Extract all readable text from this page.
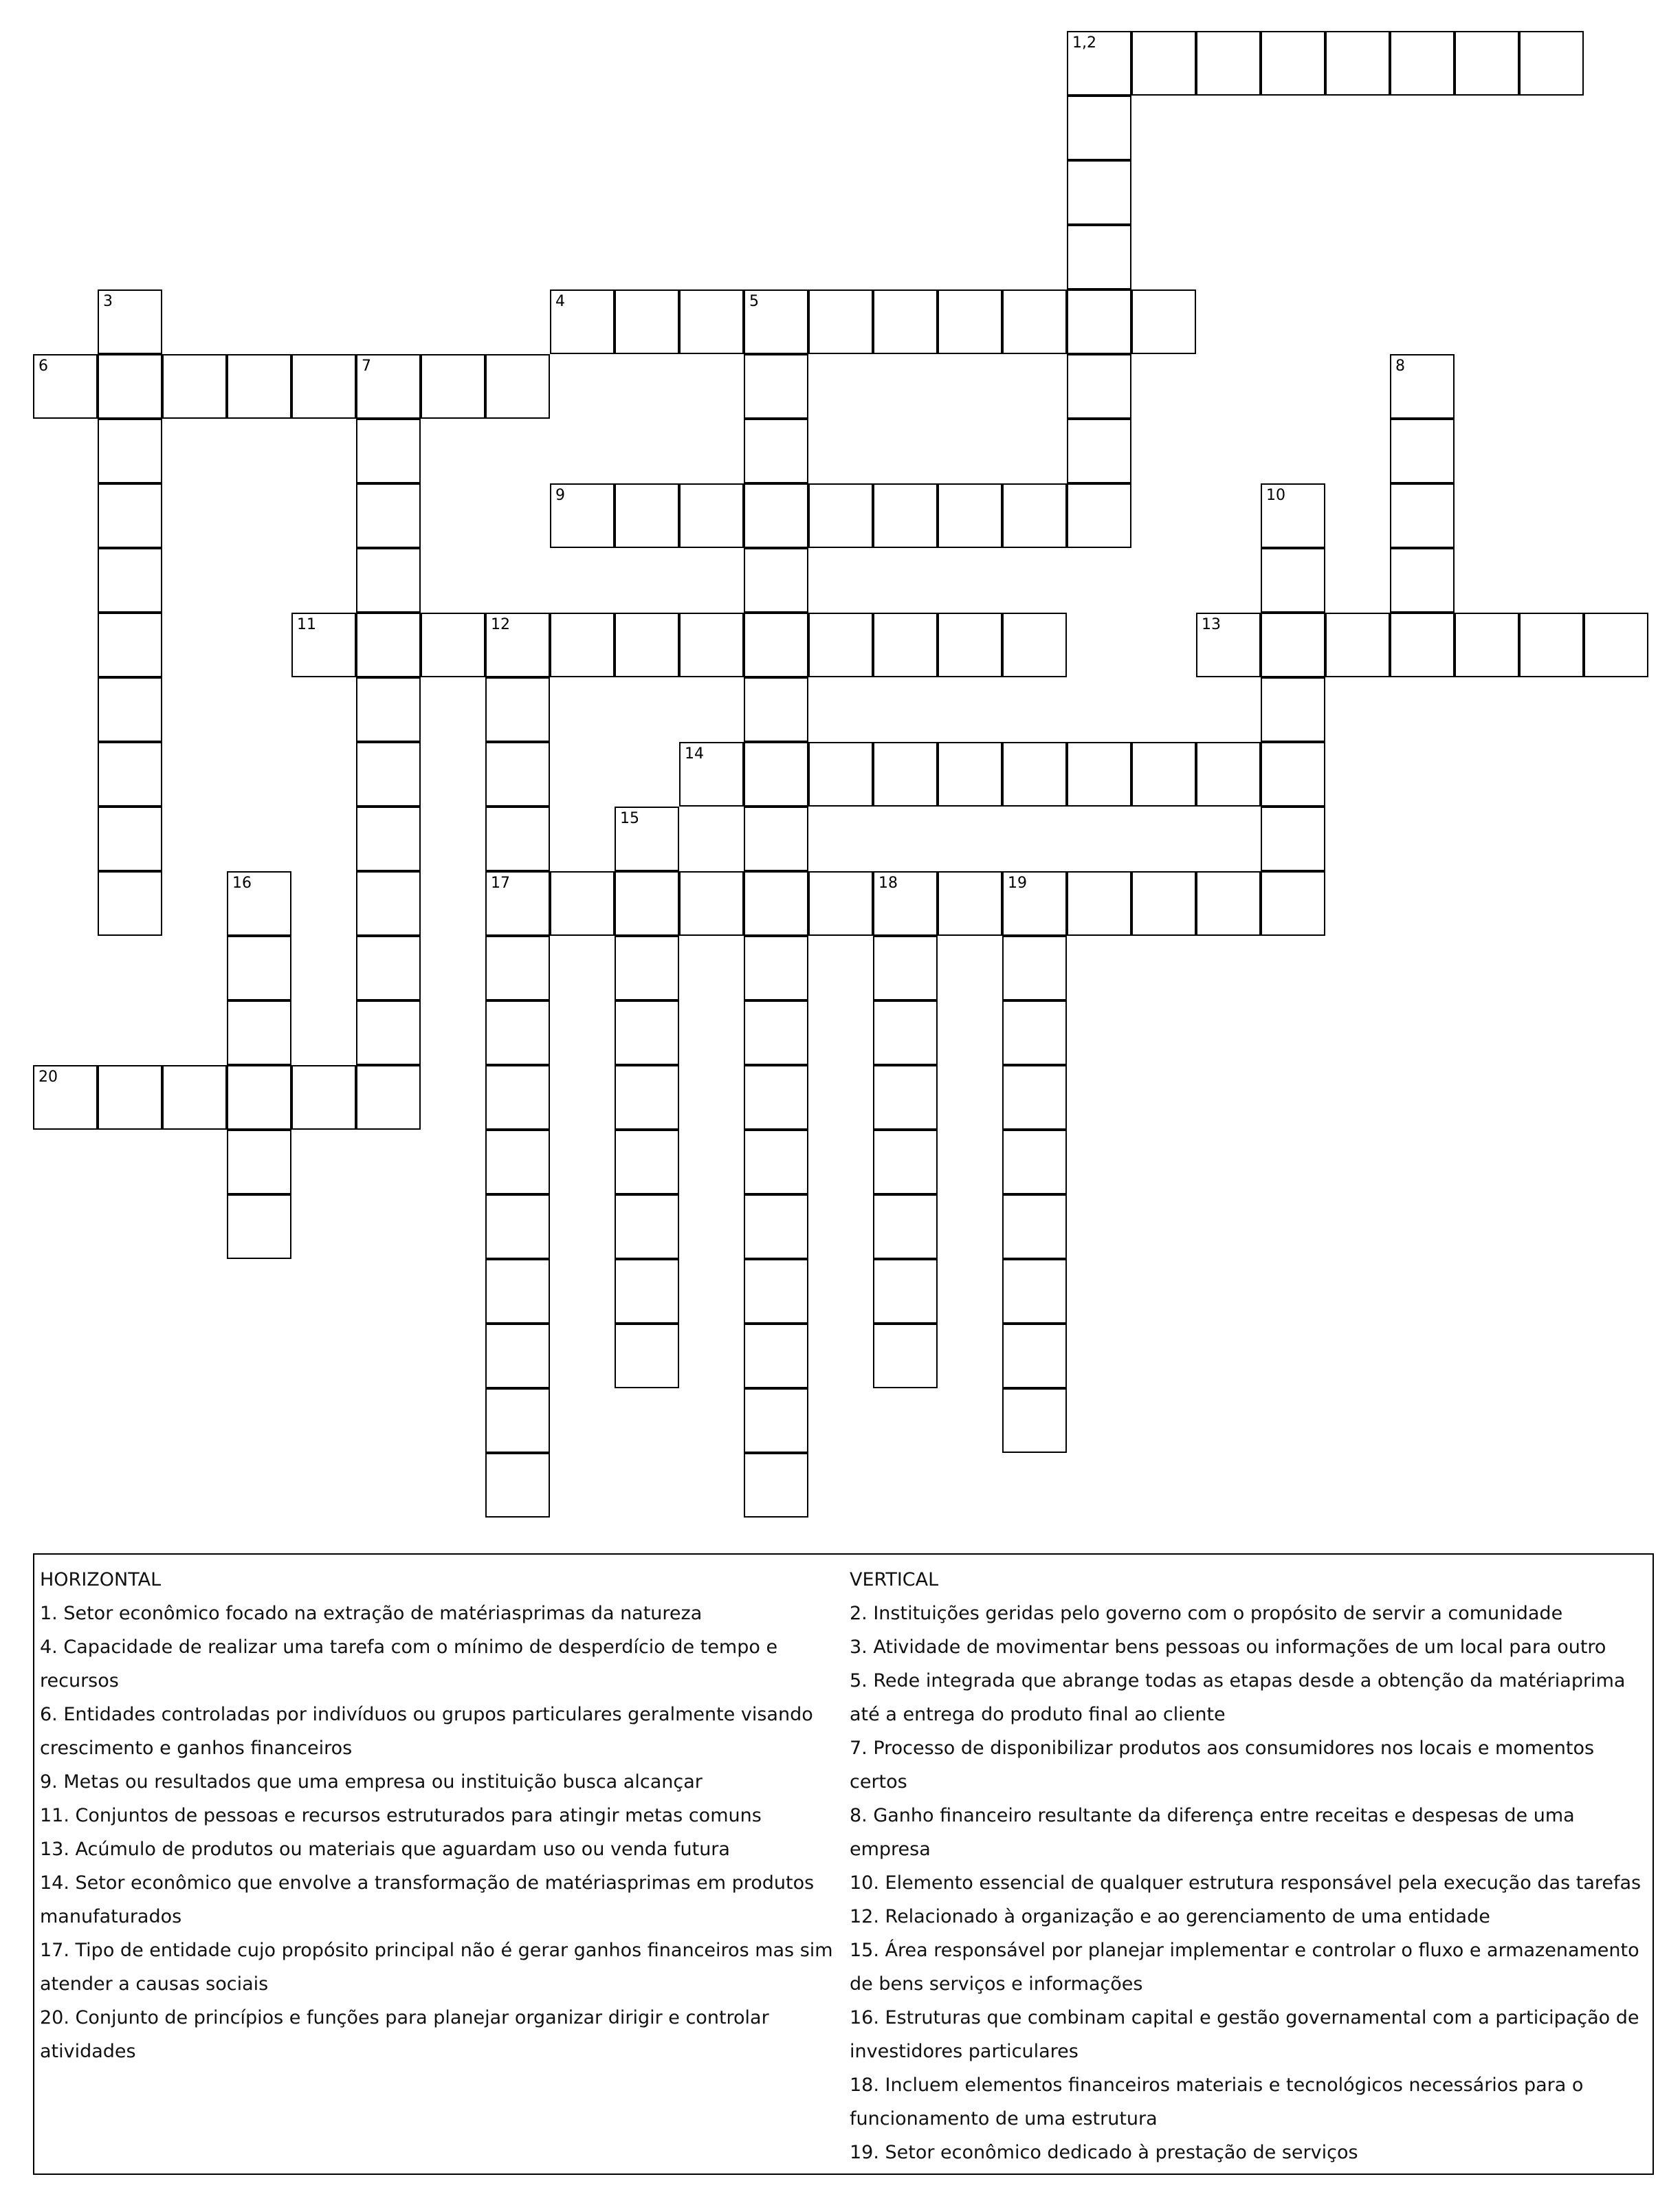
1,2
3	4	5
6	7	8
9	10
11	12
17
13
14
15
16	18	19
20

HORIZONTAL

1. Setor econômico focado na extração de matériasprimas da natureza

4. Capacidade de realizar uma tarefa com o mínimo de desperdício de tempo e recursos

6. Entidades controladas por indivíduos ou grupos particulares geralmente visando crescimento e ganhos financeiros

9. Metas ou resultados que uma empresa ou instituição busca alcançar

11. Conjuntos de pessoas e recursos estruturados para atingir metas comuns

13. Acúmulo de produtos ou materiais que aguardam uso ou venda futura

14. Setor econômico que envolve a transformação de matériasprimas em produtos manufaturados

17. Tipo de entidade cujo propósito principal não é gerar ganhos financeiros mas sim atender a causas sociais

20. Conjunto de princípios e funções para planejar organizar dirigir e controlar atividades

VERTICAL

2. Instituições geridas pelo governo com o propósito de servir a comunidade

3. Atividade de movimentar bens pessoas ou informações de um local para outro

5. Rede integrada que abrange todas as etapas desde a obtenção da matériaprima até a entrega do produto final ao cliente

7. Processo de disponibilizar produtos aos consumidores nos locais e momentos certos

8. Ganho financeiro resultante da diferença entre receitas e despesas de uma empresa

10. Elemento essencial de qualquer estrutura responsável pela execução das tarefas

12. Relacionado à organização e ao gerenciamento de uma entidade

15. Área responsável por planejar implementar e controlar o fluxo e armazenamento de bens serviços e informações

16. Estruturas que combinam capital e gestão governamental com a participação de investidores particulares

18. Incluem elementos financeiros materiais e tecnológicos necessários para o funcionamento de uma estrutura

19. Setor econômico dedicado à prestação de serviços
